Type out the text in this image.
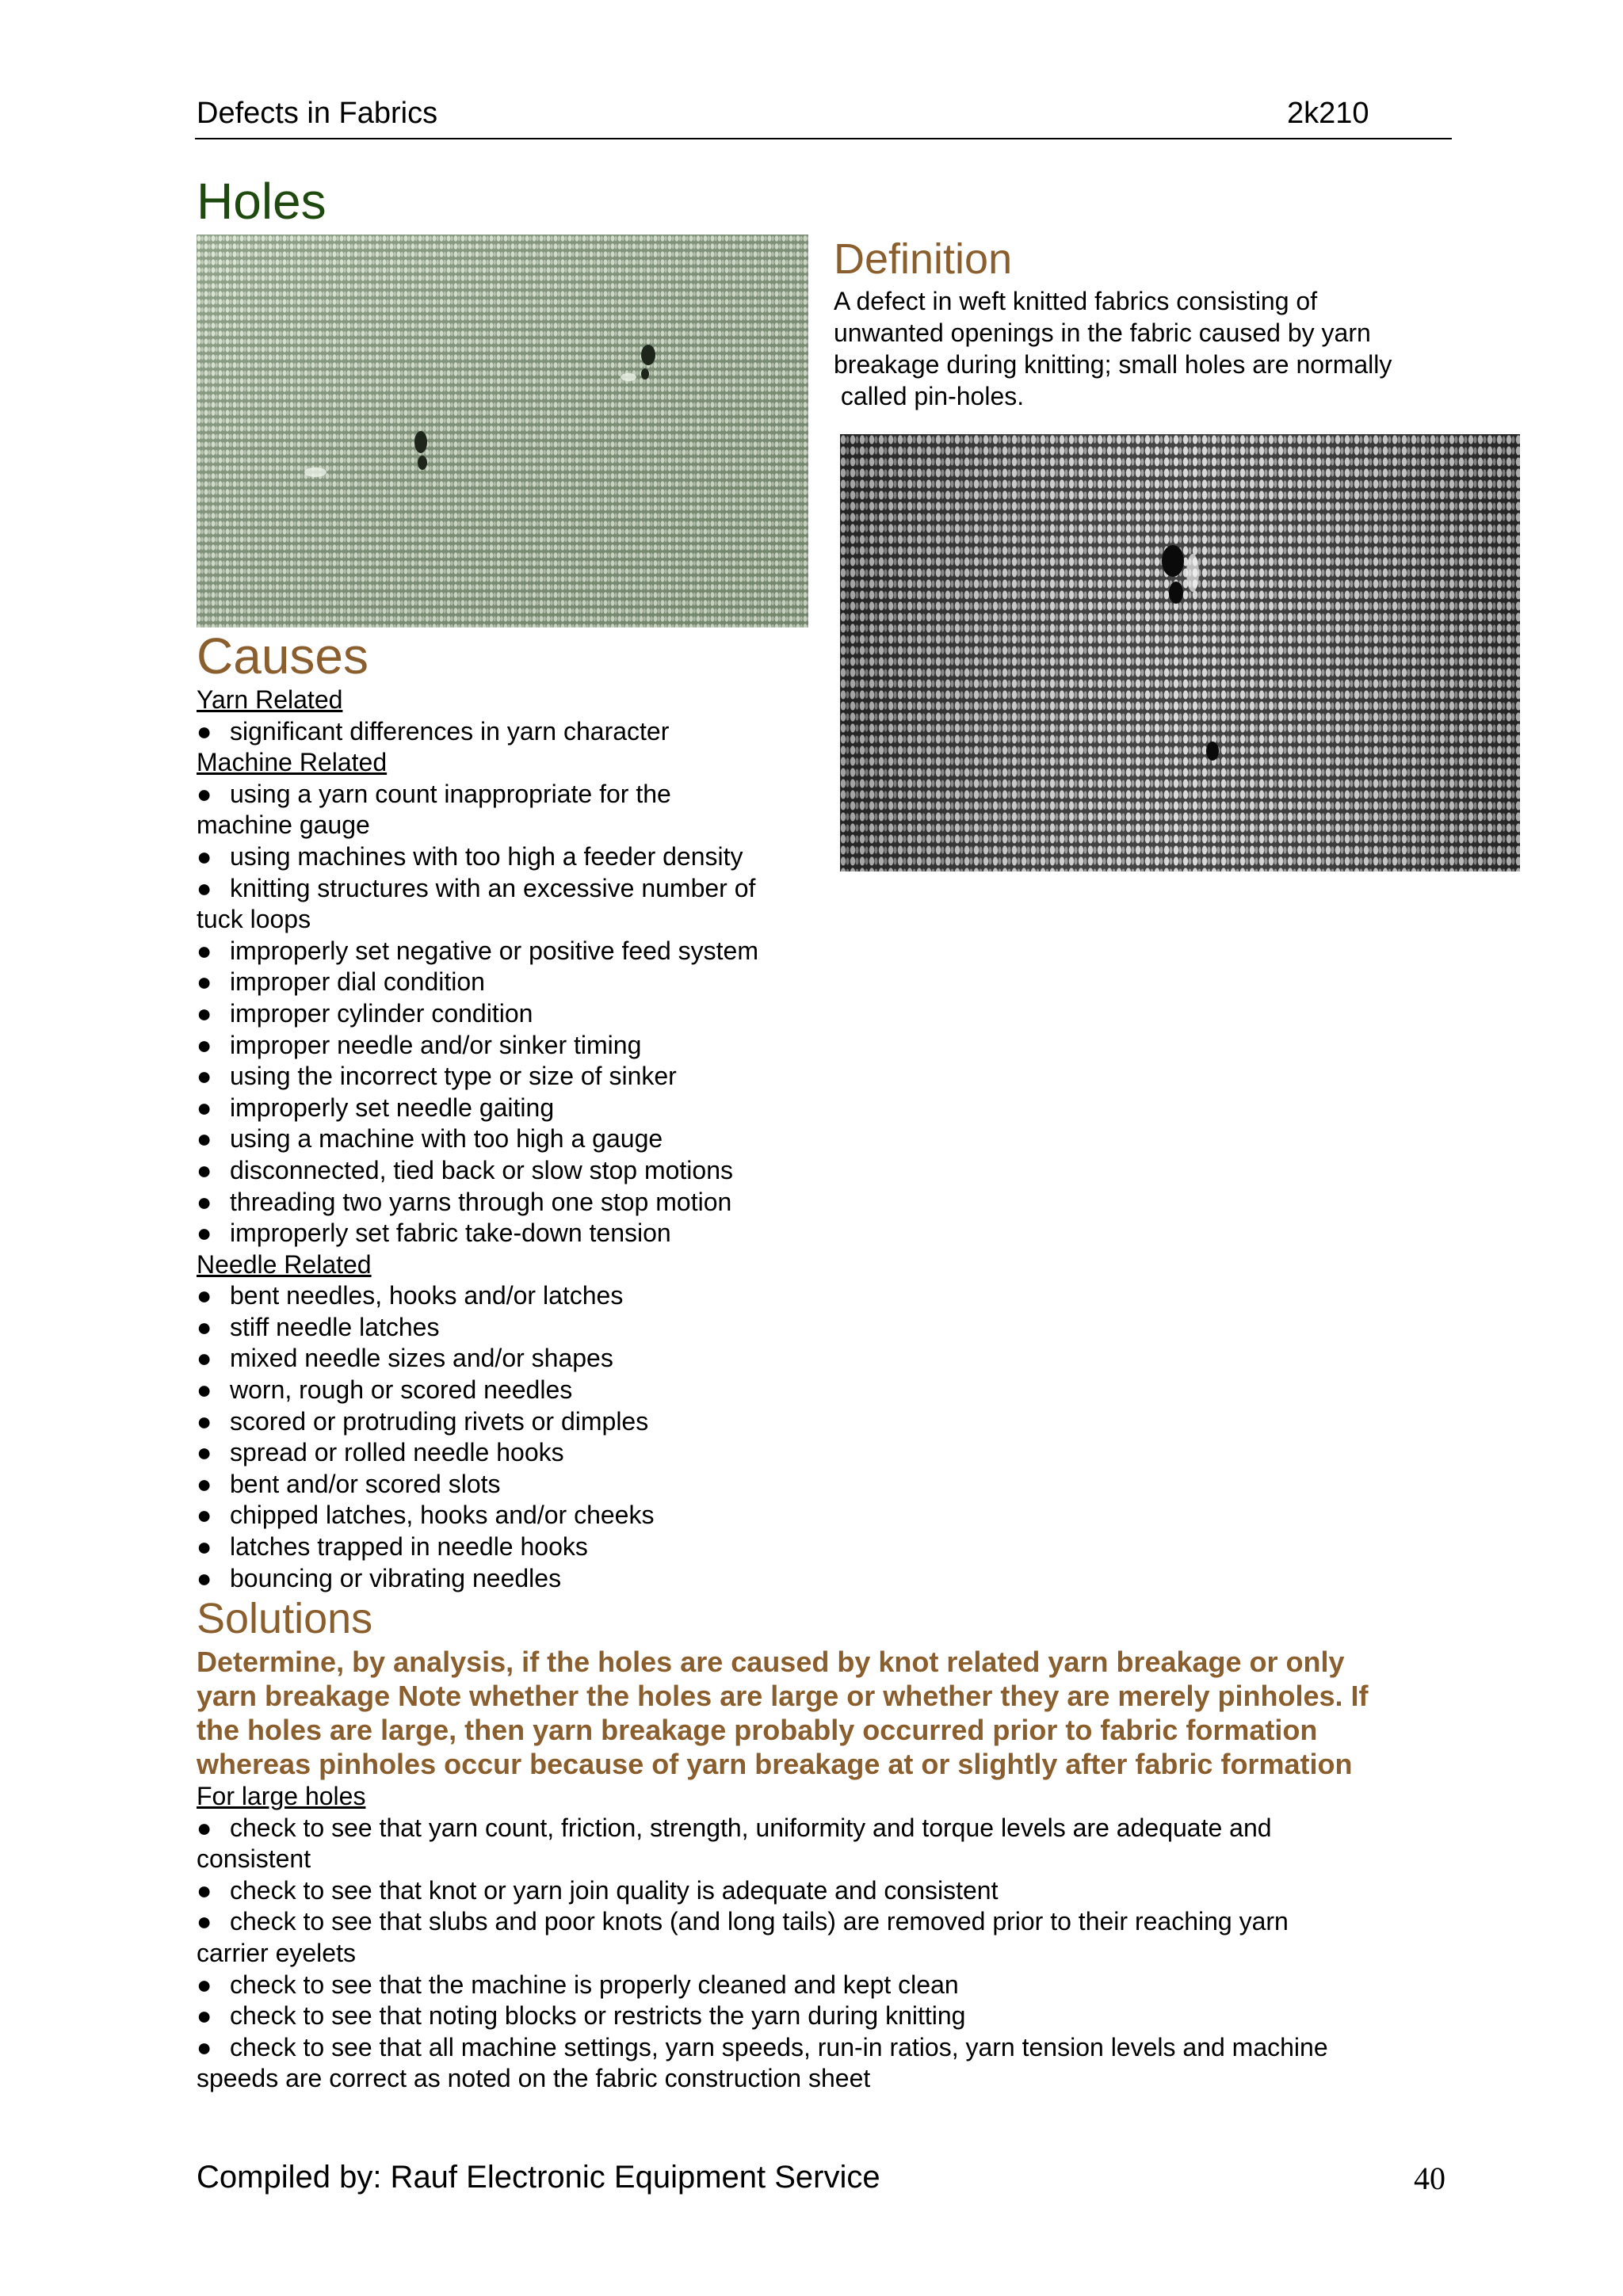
Defects in Fabrics	2k210
Holes
Definition
A defect in weft knitted fabrics consisting of
unwanted openings in the fabric caused by yarn
breakage during knitting; small holes are normally
called pin-holes.
Causes
Yarn Related
● significant differences in yarn character
Machine Related
● using a yarn count inappropriate for the
machine gauge
● using machines with too high a feeder density
● knitting structures with an excessive number of
tuck loops
● improperly set negative or positive feed system
● improper dial condition
● improper cylinder condition
● improper needle and/or sinker timing
● using the incorrect type or size of sinker
● improperly set needle gaiting
● using a machine with too high a gauge
● disconnected, tied back or slow stop motions
● threading two yarns through one stop motion
● improperly set fabric take-down tension
Needle Related
● bent needles, hooks and/or latches
● stiff needle latches
● mixed needle sizes and/or shapes
● worn, rough or scored needles
● scored or protruding rivets or dimples
● spread or rolled needle hooks
● bent and/or scored slots
● chipped latches, hooks and/or cheeks
● latches trapped in needle hooks
● bouncing or vibrating needles
Solutions
Determine, by analysis, if the holes are caused by knot related yarn breakage or only
yarn breakage Note whether the holes are large or whether they are merely pinholes. If
the holes are large, then yarn breakage probably occurred prior to fabric formation
whereas pinholes occur because of yarn breakage at or slightly after fabric formation
For large holes
● check to see that yarn count, friction, strength, uniformity and torque levels are adequate and
consistent
● check to see that knot or yarn join quality is adequate and consistent
● check to see that slubs and poor knots (and long tails) are removed prior to their reaching yarn
carrier eyelets
● check to see that the machine is properly cleaned and kept clean
● check to see that noting blocks or restricts the yarn during knitting
● check to see that all machine settings, yarn speeds, run-in ratios, yarn tension levels and machine
speeds are correct as noted on the fabric construction sheet
Compiled by: Rauf Electronic Equipment Service	40
